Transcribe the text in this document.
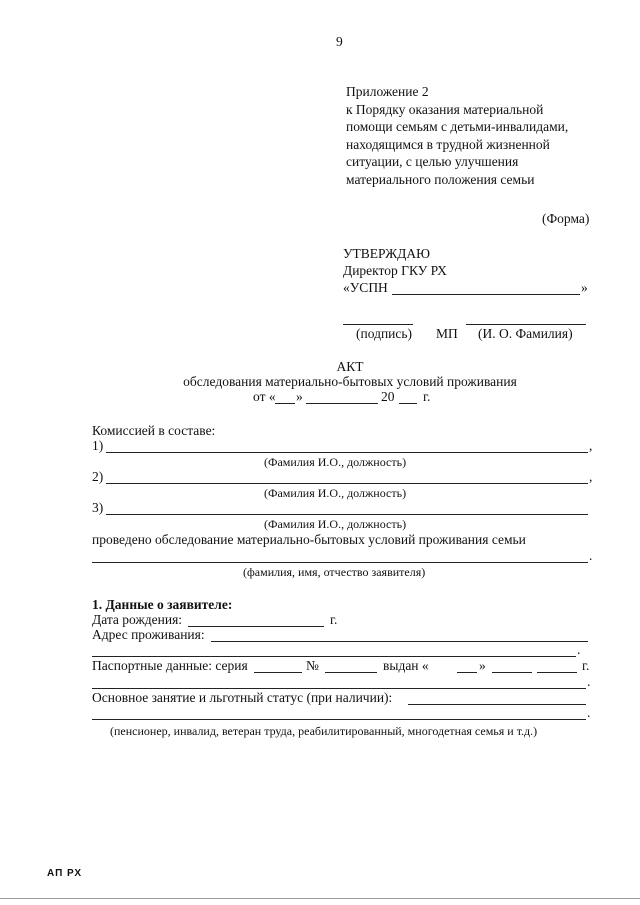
9
Приложение 2
к Порядку оказания материальной
помощи семьям с детьми-инвалидами,
находящимся в трудной жизненной
ситуации, с целью улучшения
материального положения семьи
(Форма)
УТВЕРЖДАЮ
Директор ГКУ РХ
«УСПН	»
(подпись) МП (И. О. Фамилия)
АКТ
обследования материально-бытовых условий проживания
от « »	20 г.
Комиссией в составе:
1)	,
(Фамилия И.О., должность)
2)	,
(Фамилия И.О., должность)
3)
(Фамилия И.О., должность)
проведено обследование материально-бытовых условий проживания семьи
.
(фамилия, имя, отчество заявителя)
1. Данные о заявителе:
Дата рождения:	г.
Адрес проживания:
.
Паспортные данные: серия	№	выдан «	»	г.
.
Основное занятие и льготный статус (при наличии):
.
(пенсионер, инвалид, ветеран труда, реабилитированный, многодетная семья и т.д.)
АП РХ
